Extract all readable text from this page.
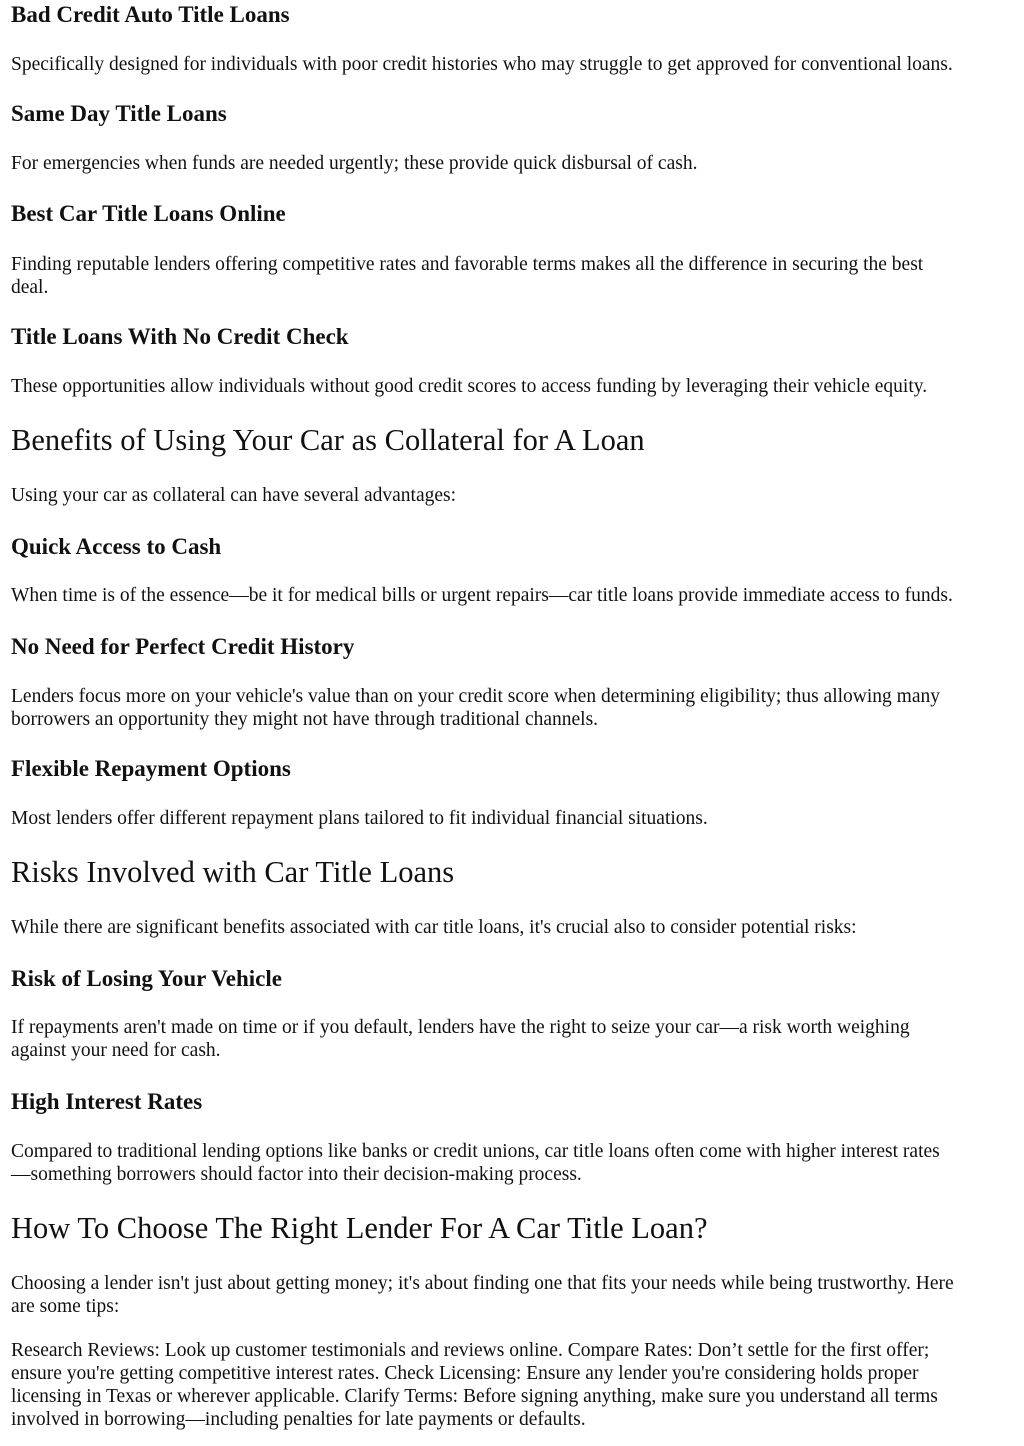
Bad Credit Auto Title Loans

Specifically designed for individuals with poor credit histories who may struggle to get approved for conventional loans.

Same Day Title Loans

For emergencies when funds are needed urgently; these provide quick disbursal of cash.

Best Car Title Loans Online

Finding reputable lenders offering competitive rates and favorable terms makes all the difference in securing the best
deal.

Title Loans With No Credit Check

These opportunities allow individuals without good credit scores to access funding by leveraging their vehicle equity.

Benefits of Using Your Car as Collateral for A Loan

Using your car as collateral can have several advantages:

Quick Access to Cash

When time is of the essence—be it for medical bills or urgent repairs—car title loans provide immediate access to funds.

No Need for Perfect Credit History

Lenders focus more on your vehicle's value than on your credit score when determining eligibility; thus allowing many
borrowers an opportunity they might not have through traditional channels.

Flexible Repayment Options

Most lenders offer different repayment plans tailored to fit individual financial situations.

Risks Involved with Car Title Loans

While there are significant benefits associated with car title loans, it's crucial also to consider potential risks:

Risk of Losing Your Vehicle

If repayments aren't made on time or if you default, lenders have the right to seize your car—a risk worth weighing
against your need for cash.

High Interest Rates

Compared to traditional lending options like banks or credit unions, car title loans often come with higher interest rates
—something borrowers should factor into their decision-making process.

How To Choose The Right Lender For A Car Title Loan?

Choosing a lender isn't just about getting money; it's about finding one that fits your needs while being trustworthy. Here
are some tips:

Research Reviews: Look up customer testimonials and reviews online. Compare Rates: Don’t settle for the first offer;
ensure you're getting competitive interest rates. Check Licensing: Ensure any lender you're considering holds proper
licensing in Texas or wherever applicable. Clarify Terms: Before signing anything, make sure you understand all terms
involved in borrowing—including penalties for late payments or defaults.
